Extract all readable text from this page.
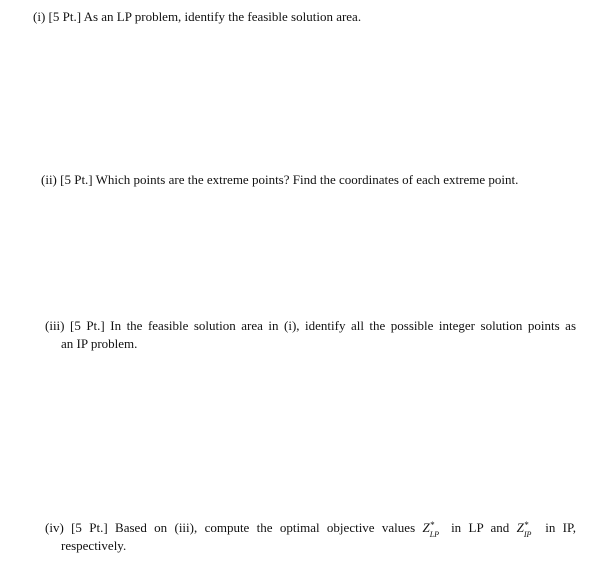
(i) [5 Pt.] As an LP problem, identify the feasible solution area.
(ii) [5 Pt.] Which points are the extreme points? Find the coordinates of each extreme point.
(iii) [5 Pt.] In the feasible solution area in (i), identify all the possible integer solution points as
an IP problem.
(iv) [5 Pt.] Based on (iii), compute the optimal objective values Z *
LP in LP and Z *
IP in IP,
respectively.
